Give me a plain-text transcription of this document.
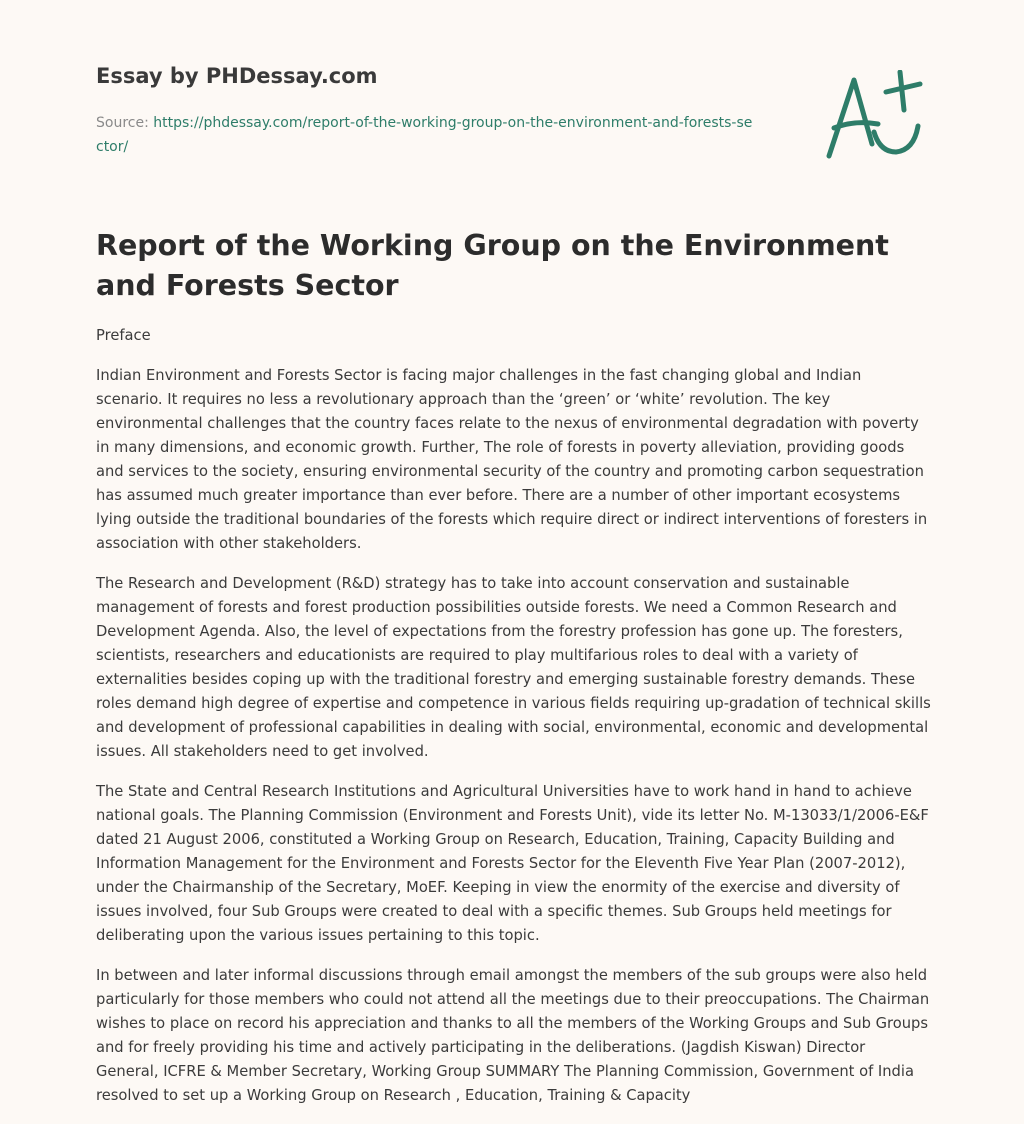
Essay by PHDessay.com
Source: https://phdessay.com/report-of-the-working-group-on-the-environment-and-forests-sector/
Report of the Working Group on the Environment and Forests Sector

Preface

Indian Environment and Forests Sector is facing major challenges in the fast changing global and Indian scenario. It requires no less a revolutionary approach than the ‘green’ or ‘white’ revolution. The key environmental challenges that the country faces relate to the nexus of environmental degradation with poverty in many dimensions, and economic growth. Further, The role of forests in poverty alleviation, providing goods and services to the society, ensuring environmental security of the country and promoting carbon sequestration has assumed much greater importance than ever before. There are a number of other important ecosystems lying outside the traditional boundaries of the forests which require direct or indirect interventions of foresters in association with other stakeholders.

The Research and Development (R&D) strategy has to take into account conservation and sustainable management of forests and forest production possibilities outside forests. We need a Common Research and Development Agenda. Also, the level of expectations from the forestry profession has gone up. The foresters, scientists, researchers and educationists are required to play multifarious roles to deal with a variety of externalities besides coping up with the traditional forestry and emerging sustainable forestry demands. These roles demand high degree of expertise and competence in various fields requiring up-gradation of technical skills and development of professional capabilities in dealing with social, environmental, economic and developmental issues. All stakeholders need to get involved.

The State and Central Research Institutions and Agricultural Universities have to work hand in hand to achieve national goals. The Planning Commission (Environment and Forests Unit), vide its letter No. M-13033/1/2006-E&F dated 21 August 2006, constituted a Working Group on Research, Education, Training, Capacity Building and Information Management for the Environment and Forests Sector for the Eleventh Five Year Plan (2007-2012), under the Chairmanship of the Secretary, MoEF. Keeping in view the enormity of the exercise and diversity of issues involved, four Sub Groups were created to deal with a specific themes. Sub Groups held meetings for deliberating upon the various issues pertaining to this topic.

In between and later informal discussions through email amongst the members of the sub groups were also held particularly for those members who could not attend all the meetings due to their preoccupations. The Chairman wishes to place on record his appreciation and thanks to all the members of the Working Groups and Sub Groups and for freely providing his time and actively participating in the deliberations. (Jagdish Kiswan) Director General, ICFRE & Member Secretary, Working Group SUMMARY The Planning Commission, Government of India resolved to set up a Working Group on Research , Education, Training & Capacity
